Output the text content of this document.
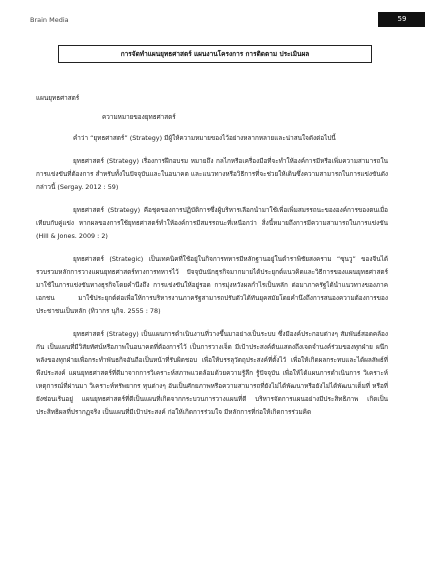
Brain Media	59
การจัดทำแผนยุทธศาสตร์ แผนงานโครงการ การติดตาม ประเมินผล

แผนยุทธศาสตร์

ความหมายของยุทธศาสตร์

คำว่า “ยุทธศาสตร์” (Strategy) มีผู้ให้ความหมายของไว้อย่างหลากหลายและน่าสนใจดังต่อไปนี้

ยุทธศาสตร์ (Strategy) เรื่องการฝึกอบรม หมายถึง กลไกหรือเครื่องมือที่จะทำให้องค์การมีหรือเพิ่มความสามารถในการแข่งขันที่ต้องการ สำหรับทั้งในปัจจุบันและในอนาคต และแนวทางหรือวิธีการที่จะช่วยให้เดินซึ่งความสามารถในการแข่งขันดังกล่าวนี้ (Sergay. 2012 : 59)

ยุทธศาสตร์ (Strategy) คือชุดของการปฏิบัติการซึ่งผู้บริหารเลือกนำมาใช้เพื่อเพิ่มสมรรถนะขององค์การของตนเมื่อเทียบกับคู่แข่ง หากผลของการใช้ยุทธศาสตร์ทำให้องค์การมีสมรรถนะที่เหนือกว่า สิ่งนี้หมายถึงการมีความสามารถในการแข่งขัน (Hill & Jones. 2009 : 2)

ยุทธศาสตร์ (Strategic) เป็นเทคนิคที่ใช้อยู่ในกิจการทหารมีหลักฐานอยู่ในตำราพิชัยสงคราม “ซุนวู” ของจีนได้รวบรวมหลักการวางแผนยุทธศาสตร์ทางการทหารไว้ ปัจจุบันนักธุรกิจมากมายได้ประยุกต์แนวคิดและวิธีการของแผนยุทธศาสตร์มาใช้ในการแข่งขันทางธุรกิจโดยคำนึงถึง การแข่งขันให้อยู่รอด การมุ่งหวังผลกำไรเป็นหลัก ต่อมาภาครัฐได้นำแนวทางของภาคเอกชน มาใช้ประยุกต์ต่อเพื่อให้การบริหารงานภาครัฐสามารถปรับตัวได้ทันยุคสมัยโดยคำนึงถึงการสนองความต้องการของประชาชนเป็นหลัก (ทิวากร นุกิจ. 2555 : 78)

ยุทธศาสตร์ (Strategy) เป็นแผนการดำเนินงานที่วางขึ้นมาอย่างเป็นระบบ ซึ่งมีองค์ประกอบต่างๆ สัมพันธ์สอดคล้องกัน เป็นแผนที่มีวิสัยทัศน์หรือภาพในอนาคตที่ต้องการไว้ เป็นการวางเจ็ด มีเป้าประสงค์ต้นแสดงถึงเจตจำนงค์ร่วมของทุกฝ่าย ผนึกพลังของทุกฝ่ายเพื่อกระทำพันธกิจอันถือเป็นหน้าที่รับผิดชอบ เพื่อให้บรรลุวัตถุประสงค์ที่ตั้งไว้ เพื่อให้เกิดผลกระทบและได้ผลลัพธ์ที่พึงประสงค์ แผนยุทธศาสตร์ที่ดีมาจากการวิเคราะห์สภาพแวดล้อมด้วยความรู้ลึก รู้ปัจจุบัน เพื่อให้ได้แผนการดำเนินการ วิเคราะห์เหตุการณ์ที่ผ่านมา วิเคราะห์ทรัพยากร ทุนต่างๆ อันเป็นศักยภาพหรือความสามารถที่ยังไม่ได้พัฒนาหรือยังไม่ได้พัฒนาเต็มที่ หรือที่ยังซ่อนเร้นอยู่ แผนยุทธศาสตร์ที่ดีเป็นแผนที่เกิดจากกระบวนการวางแผนที่ดี บริหารจัดการแผนอย่างมีประสิทธิภาพ เกิดเป็นประสิทธิผลที่ปรากฏจริง เป็นแผนที่มีเป้าประสงค์ ก่อให้เกิดการร่วมใจ มีหลักการที่ก่อให้เกิดการร่วมคิด
